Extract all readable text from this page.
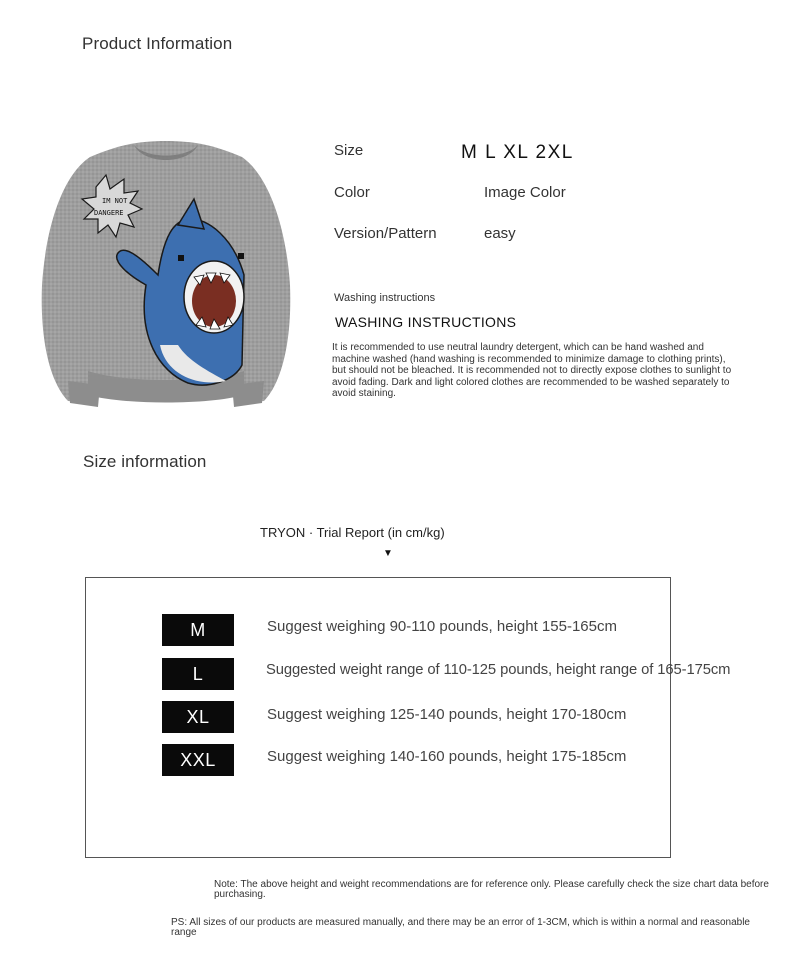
Product Information
IM NOT
DANGERE
Size	M L XL 2XL
Color	Image Color
Version/Pattern	easy
Washing instructions
WASHING INSTRUCTIONS
It is recommended to use neutral laundry detergent, which can be hand washed and machine washed (hand washing is recommended to minimize damage to clothing prints), but should not be bleached. It is recommended not to directly expose clothes to sunlight to avoid fading. Dark and light colored clothes are recommended to be washed separately to avoid staining.
Size information
TRYON · Trial Report (in cm/kg)
▼
M	Suggest weighing 90-110 pounds, height 155-165cm
L	Suggested weight range of 110-125 pounds, height range of 165-175cm
XL	Suggest weighing 125-140 pounds, height 170-180cm
XXL	Suggest weighing 140-160 pounds, height 175-185cm
Note: The above height and weight recommendations are for reference only. Please carefully check the size chart data before purchasing.
PS: All sizes of our products are measured manually, and there may be an error of 1-3CM, which is within a normal and reasonable range
